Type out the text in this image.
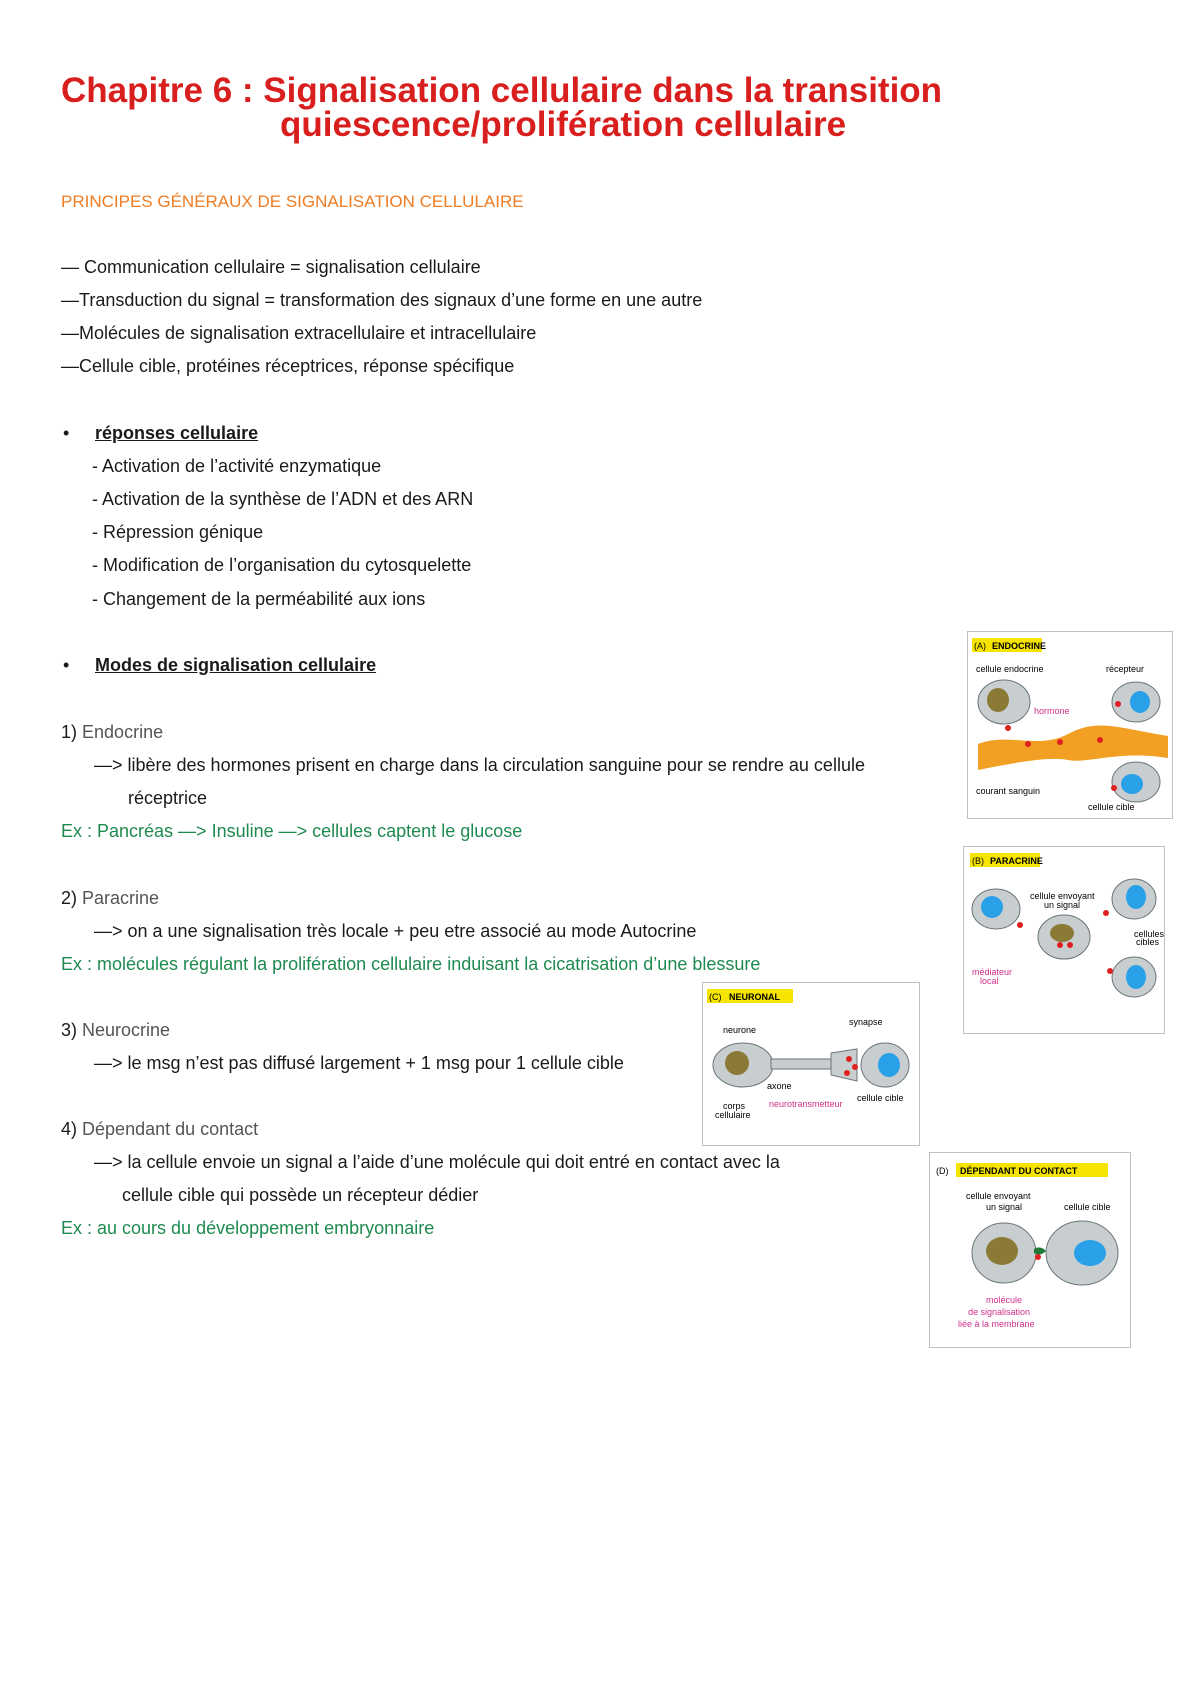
Chapitre 6 : Signalisation cellulaire dans la transition
quiescence/prolifération cellulaire
PRINCIPES GÉNÉRAUX DE SIGNALISATION CELLULAIRE
— Communication cellulaire = signalisation cellulaire
—Transduction du signal = transformation des signaux d’une forme en une autre
—Molécules de signalisation extracellulaire et intracellulaire
—Cellule cible, protéines réceptrices, réponse spécifique
• réponses cellulaire
- Activation de l’activité enzymatique
- Activation de la synthèse de l’ADN et des ARN
- Répression génique
- Modification de l’organisation du cytosquelette
- Changement de la perméabilité aux ions
• Modes de signalisation cellulaire
1) Endocrine
—> libère des hormones prisent en charge dans la circulation sanguine pour se rendre au cellule
réceptrice
Ex : Pancréas —> Insuline —> cellules captent le glucose
2) Paracrine
—> on a une signalisation très locale + peu etre associé au mode Autocrine
Ex : molécules régulant la prolifération cellulaire induisant la cicatrisation d’une blessure
3) Neurocrine
—> le msg n’est pas diffusé largement + 1 msg pour 1 cellule cible
4) Dépendant du contact
—> la cellule envoie un signal a l’aide d’une molécule qui doit entré en contact avec la
cellule cible qui possède un récepteur dédier
Ex : au cours du développement embryonnaire
(A) ENDOCRINE
cellule endocrine	récepteur
hormone
courant sanguin
cellule cible
(B) PARACRINE
cellule envoyant
un signal
cellules
cibles
médiateur
local
(C) NEURONAL
neurone
synapse
axone
corps
cellulaire
neurotransmetteur
cellule cible
(D) DÉPENDANT DU CONTACT
cellule envoyant
un signal	cellule cible
molécule
de signalisation
liée à la membrane
